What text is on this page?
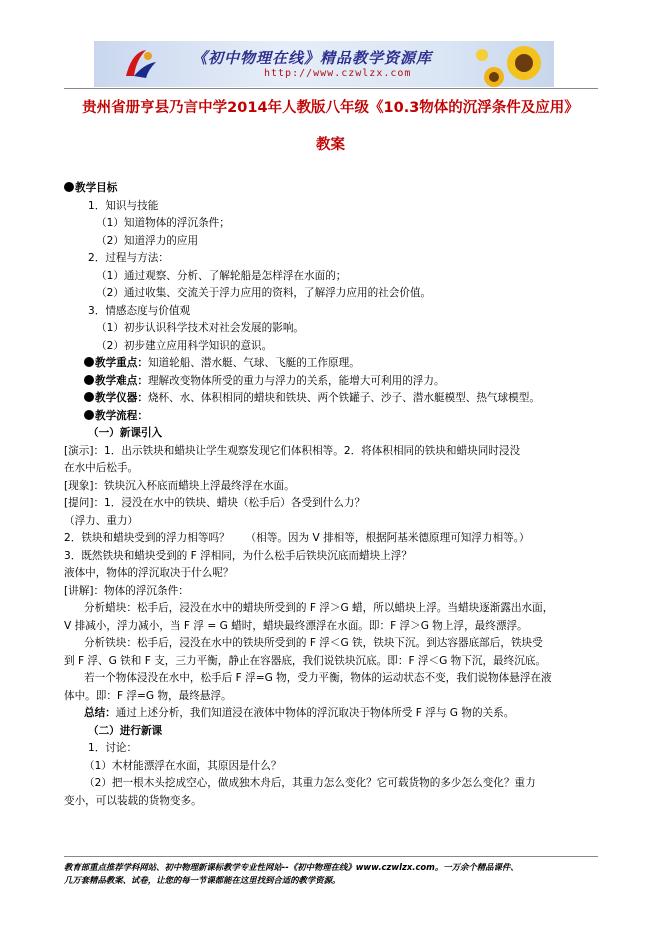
《初中物理在线》精品教学资源库
http://www.czwlzx.com
贵州省册亨县乃言中学2014年人教版八年级《10.3物体的沉浮条件及应用》
教案
教学目标
1．知识与技能
（1）知道物体的浮沉条件；
（2）知道浮力的应用
2．过程与方法：
（1）通过观察、分析、了解轮船是怎样浮在水面的；
（2）通过收集、交流关于浮力应用的资料，了解浮力应用的社会价值。
3．情感态度与价值观
（1）初步认识科学技术对社会发展的影响。
（2）初步建立应用科学知识的意识。
教学重点：知道轮船、潜水艇、气球、飞艇的工作原理。
教学难点：理解改变物体所受的重力与浮力的关系，能增大可利用的浮力。
教学仪器：烧杯、水、体积相同的蜡块和铁块、两个铁罐子、沙子、潜水艇模型、热气球模型。
教学流程：
（一）新课引入
[演示]：1．出示铁块和蜡块让学生观察发现它们体积相等。2．将体积相同的铁块和蜡块同时浸没
在水中后松手。
[现象]：铁块沉入杯底而蜡块上浮最终浮在水面。
[提问]：1．浸没在水中的铁块、蜡块（松手后）各受到什么力？
（浮力、重力）
2．铁块和蜡块受到的浮力相等吗？　　（相等。因为 V 排相等，根据阿基米德原理可知浮力相等。）
3．既然铁块和蜡块受到的 F 浮相同，为什么松手后铁块沉底而蜡块上浮？
液体中，物体的浮沉取决于什么呢？
[讲解]：物体的浮沉条件：
分析蜡块：松手后，浸没在水中的蜡块所受到的 F 浮＞G 蜡，所以蜡块上浮。当蜡块逐渐露出水面，
V 排减小，浮力减小，当 F 浮 = G 蜡时，蜡块最终漂浮在水面。即：F 浮＞G 物上浮，最终漂浮。
分析铁块：松手后，浸没在水中的铁块所受到的 F 浮＜G 铁，铁块下沉。到达容器底部后，铁块受
到 F 浮、G 铁和 F 支，三力平衡，静止在容器底，我们说铁块沉底。即：F 浮＜G 物下沉，最终沉底。
若一个物体浸没在水中，松手后 F 浮=G 物，受力平衡，物体的运动状态不变，我们说物体悬浮在液
体中。即：F 浮=G 物，最终悬浮。
总结：通过上述分析，我们知道浸在液体中物体的浮沉取决于物体所受 F 浮与 G 物的关系。
（二）进行新课
1．讨论：
（1）木材能漂浮在水面，其原因是什么？
（2）把一根木头挖成空心，做成独木舟后，其重力怎么变化？它可载货物的多少怎么变化？重力
变小，可以装载的货物变多。
教育部重点推荐学科网站、初中物理新课标教学专业性网站--《初中物理在线》www.czwlzx.com。一万余个精品课件、
几万套精品教案、试卷，让您的每一节课都能在这里找到合适的教学资源。
